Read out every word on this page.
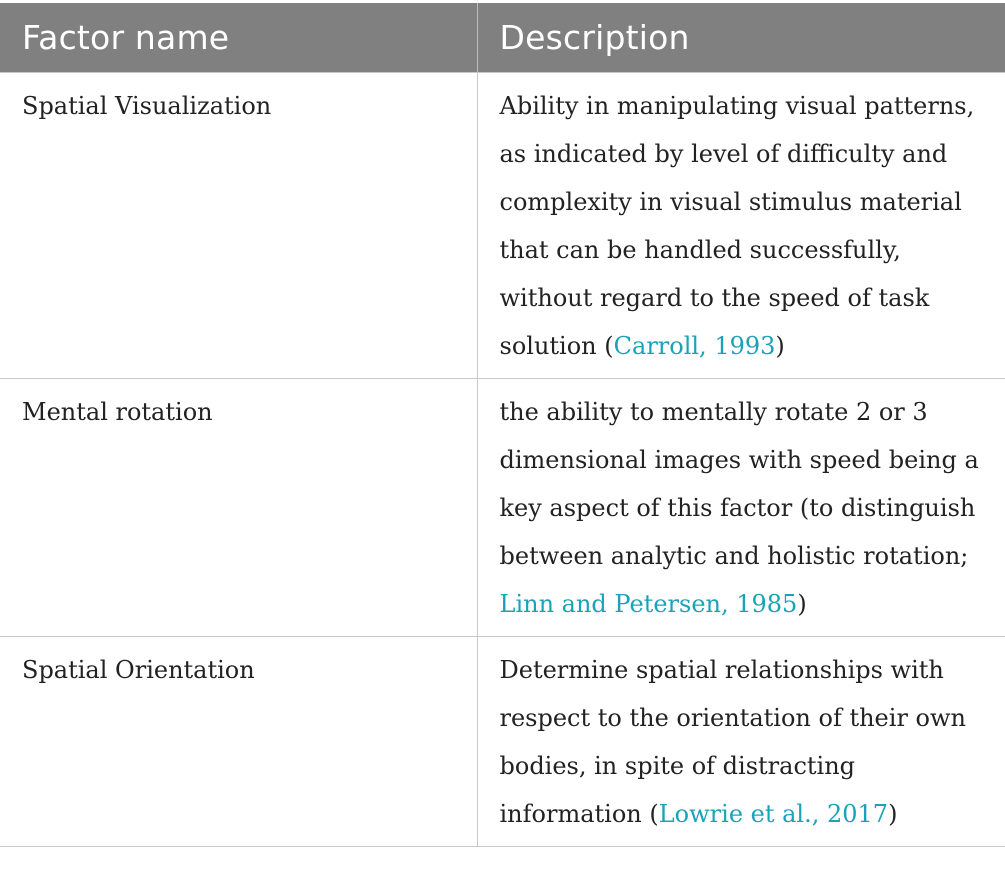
Factor name	Description
Spatial Visualization	Ability in manipulating visual patterns, as indicated by level of difficulty and complexity in visual stimulus material that can be handled successfully, without regard to the speed of task solution (Carroll, 1993)
Mental rotation	the ability to mentally rotate 2 or 3 dimensional images with speed being a key aspect of this factor (to distinguish between analytic and holistic rotation; Linn and Petersen, 1985)
Spatial Orientation	Determine spatial relationships with respect to the orientation of their own bodies, in spite of distracting information (Lowrie et al., 2017)
